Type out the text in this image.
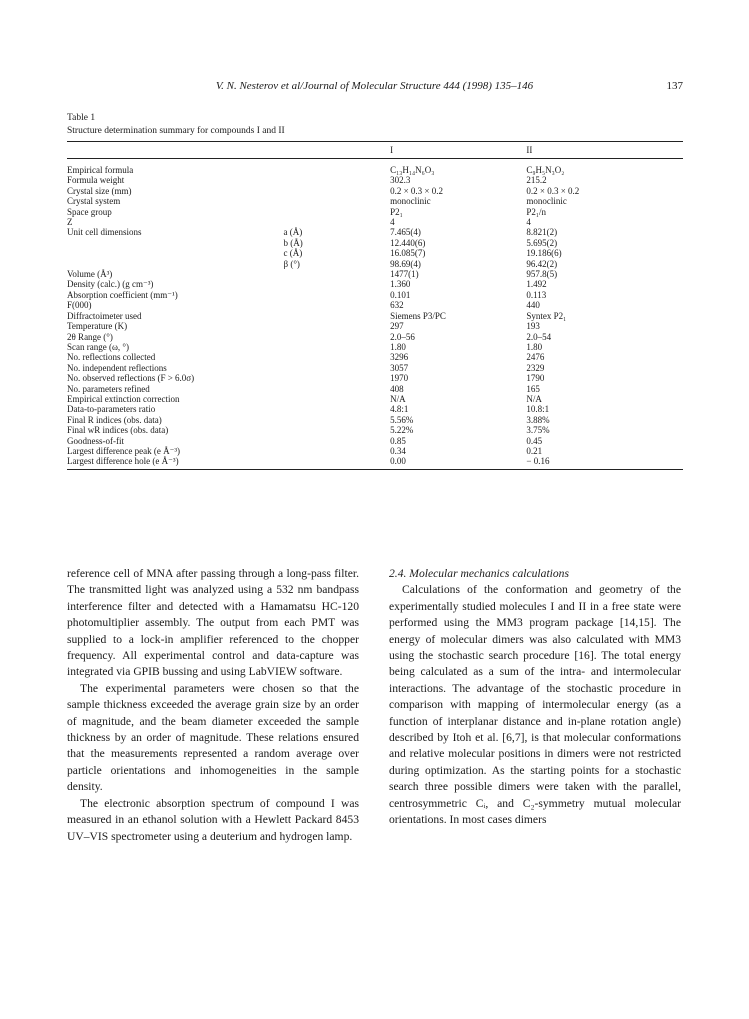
V. N. Nesterov et al/Journal of Molecular Structure 444 (1998) 135–146	137
Table 1
Structure determination summary for compounds I and II
		I	II
Empirical formula		C₁₃H₁₄N₆O₃	C₉H₅N₃O₂
Formula weight		302.3	215.2
Crystal size (mm)		0.2 × 0.3 × 0.2	0.2 × 0.3 × 0.2
Crystal system		monoclinic	monoclinic
Space group		P2₁	P2₁/n
Z		4	4
Unit cell dimensions	a (Å)	7.465(4)	8.821(2)
	b (Å)	12.440(6)	5.695(2)
	c (Å)	16.085(7)	19.186(6)
	β (°)	98.69(4)	96.42(2)
Volume (Å³)		1477(1)	957.8(5)
Density (calc.) (g cm⁻³)		1.360	1.492
Absorption coefficient (mm⁻¹)		0.101	0.113
F(000)		632	440
Diffractoimeter used		Siemens P3/PC	Syntex P2₁
Temperature (K)		297	193
2θ Range (°)		2.0–56	2.0–54
Scan range (ω, °)		1.80	1.80
No. reflections collected		3296	2476
No. independent reflections		3057	2329
No. observed reflections (F > 6.0σ)		1970	1790
No. parameters refined		408	165
Empirical extinction correction		N/A	N/A
Data-to-parameters ratio		4.8:1	10.8:1
Final R indices (obs. data)		5.56%	3.88%
Final wR indices (obs. data)		5.22%	3.75%
Goodness-of-fit		0.85	0.45
Largest difference peak (e Å⁻³)		0.34	0.21
Largest difference hole (e Å⁻³)		0.00	− 0.16

reference cell of MNA after passing through a long-pass filter. The transmitted light was analyzed using a 532 nm bandpass interference filter and detected with a Hamamatsu HC-120 photomultiplier assembly. The output from each PMT was supplied to a lock-in amplifier referenced to the chopper frequency. All experimental control and data-capture was integrated via GPIB bussing and using LabVIEW software.

The experimental parameters were chosen so that the sample thickness exceeded the average grain size by an order of magnitude, and the beam diameter exceeded the sample thickness by an order of magnitude. These relations ensured that the measurements represented a random average over particle orientations and inhomogeneities in the sample density.

The electronic absorption spectrum of compound I was measured in an ethanol solution with a Hewlett Packard 8453 UV–VIS spectrometer using a deuterium and hydrogen lamp.

2.4. Molecular mechanics calculations

Calculations of the conformation and geometry of the experimentally studied molecules I and II in a free state were performed using the MM3 program package [14,15]. The energy of molecular dimers was also calculated with MM3 using the stochastic search procedure [16]. The total energy being calculated as a sum of the intra- and intermolecular interactions. The advantage of the stochastic procedure in comparison with mapping of intermolecular energy (as a function of interplanar distance and in-plane rotation angle) described by Itoh et al. [6,7], is that molecular conformations and relative molecular positions in dimers were not restricted during optimization. As the starting points for a stochastic search three possible dimers were taken with the parallel, centrosymmetric Cᵢ, and C₂-symmetry mutual molecular orientations. In most cases dimers
